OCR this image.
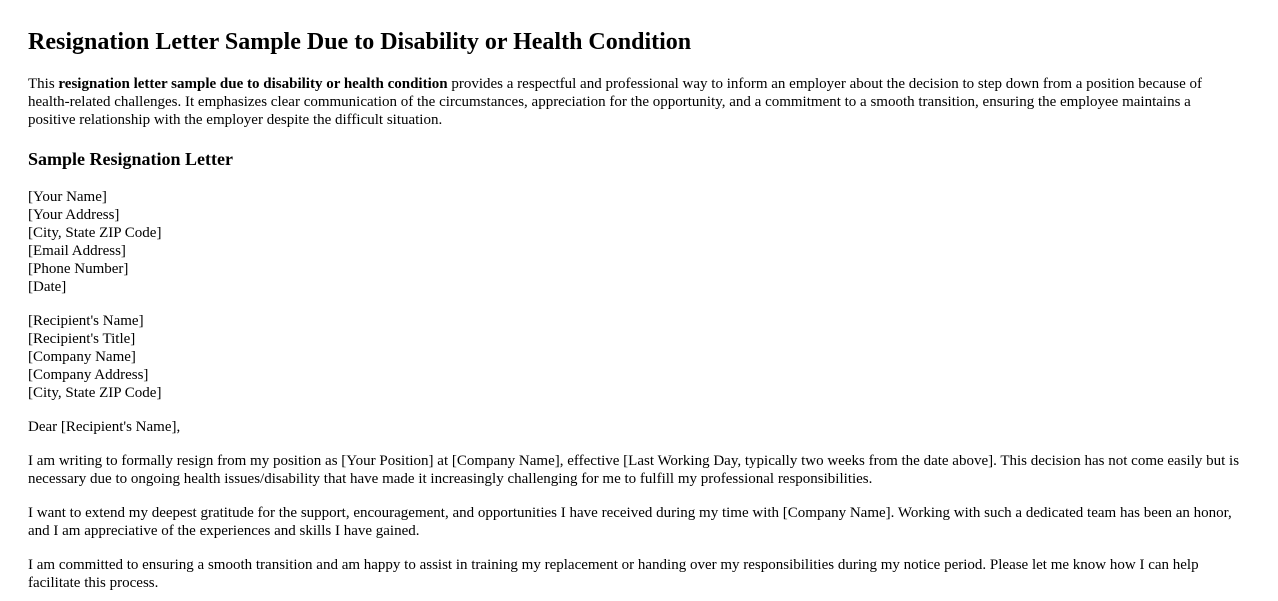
Resignation Letter Sample Due to Disability or Health Condition

This resignation letter sample due to disability or health condition provides a respectful and professional way to inform an employer about the decision to step down from a position because of health-related challenges. It emphasizes clear communication of the circumstances, appreciation for the opportunity, and a commitment to a smooth transition, ensuring the employee maintains a positive relationship with the employer despite the difficult situation.

Sample Resignation Letter
[Your Name]
[Your Address]
[City, State ZIP Code]
[Email Address]
[Phone Number]
[Date]
[Recipient's Name]
[Recipient's Title]
[Company Name]
[Company Address]
[City, State ZIP Code]

Dear [Recipient's Name],

I am writing to formally resign from my position as [Your Position] at [Company Name], effective [Last Working Day, typically two weeks from the date above]. This decision has not come easily but is necessary due to ongoing health issues/disability that have made it increasingly challenging for me to fulfill my professional responsibilities.

I want to extend my deepest gratitude for the support, encouragement, and opportunities I have received during my time with [Company Name]. Working with such a dedicated team has been an honor, and I am appreciative of the experiences and skills I have gained.

I am committed to ensuring a smooth transition and am happy to assist in training my replacement or handing over my responsibilities during my notice period. Please let me know how I can help facilitate this process.
